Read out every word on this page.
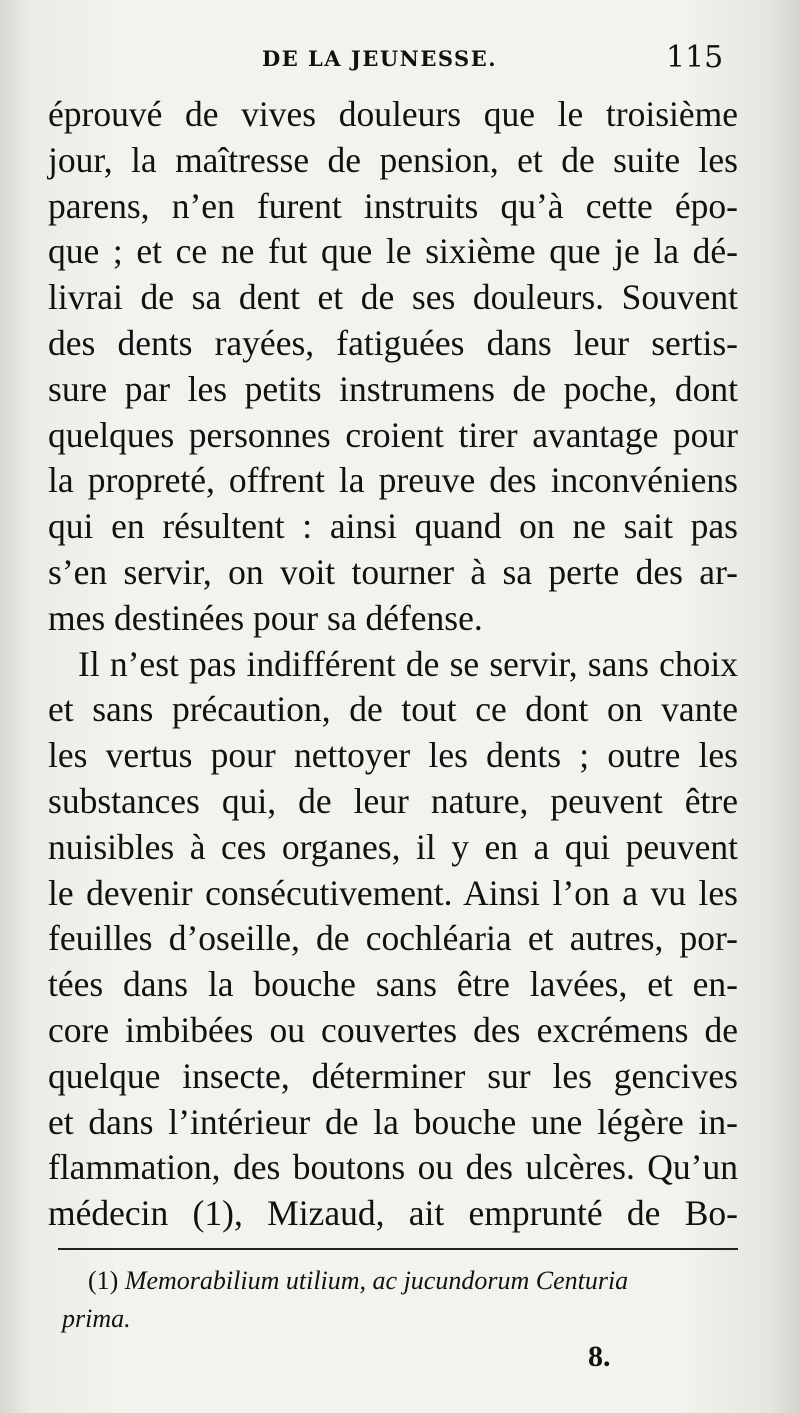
DE LA JEUNESSE.	115
éprouvé de vives douleurs que le troisième
jour, la maîtresse de pension, et de suite les
parens, n’en furent instruits qu’à cette épo-
que ; et ce ne fut que le sixième que je la dé-
livrai de sa dent et de ses douleurs. Souvent
des dents rayées, fatiguées dans leur sertis-
sure par les petits instrumens de poche, dont
quelques personnes croient tirer avantage pour
la propreté, offrent la preuve des inconvéniens
qui en résultent : ainsi quand on ne sait pas
s’en servir, on voit tourner à sa perte des ar-
mes destinées pour sa défense.
Il n’est pas indifférent de se servir, sans choix
et sans précaution, de tout ce dont on vante
les vertus pour nettoyer les dents ; outre les
substances qui, de leur nature, peuvent être
nuisibles à ces organes, il y en a qui peuvent
le devenir consécutivement. Ainsi l’on a vu les
feuilles d’oseille, de cochléaria et autres, por-
tées dans la bouche sans être lavées, et en-
core imbibées ou couvertes des excrémens de
quelque insecte, déterminer sur les gencives
et dans l’intérieur de la bouche une légère in-
flammation, des boutons ou des ulcères. Qu’un
médecin (1), Mizaud, ait emprunté de Bo-
(1) Memorabilium utilium, ac jucundorum Centuria
prima.
8.
